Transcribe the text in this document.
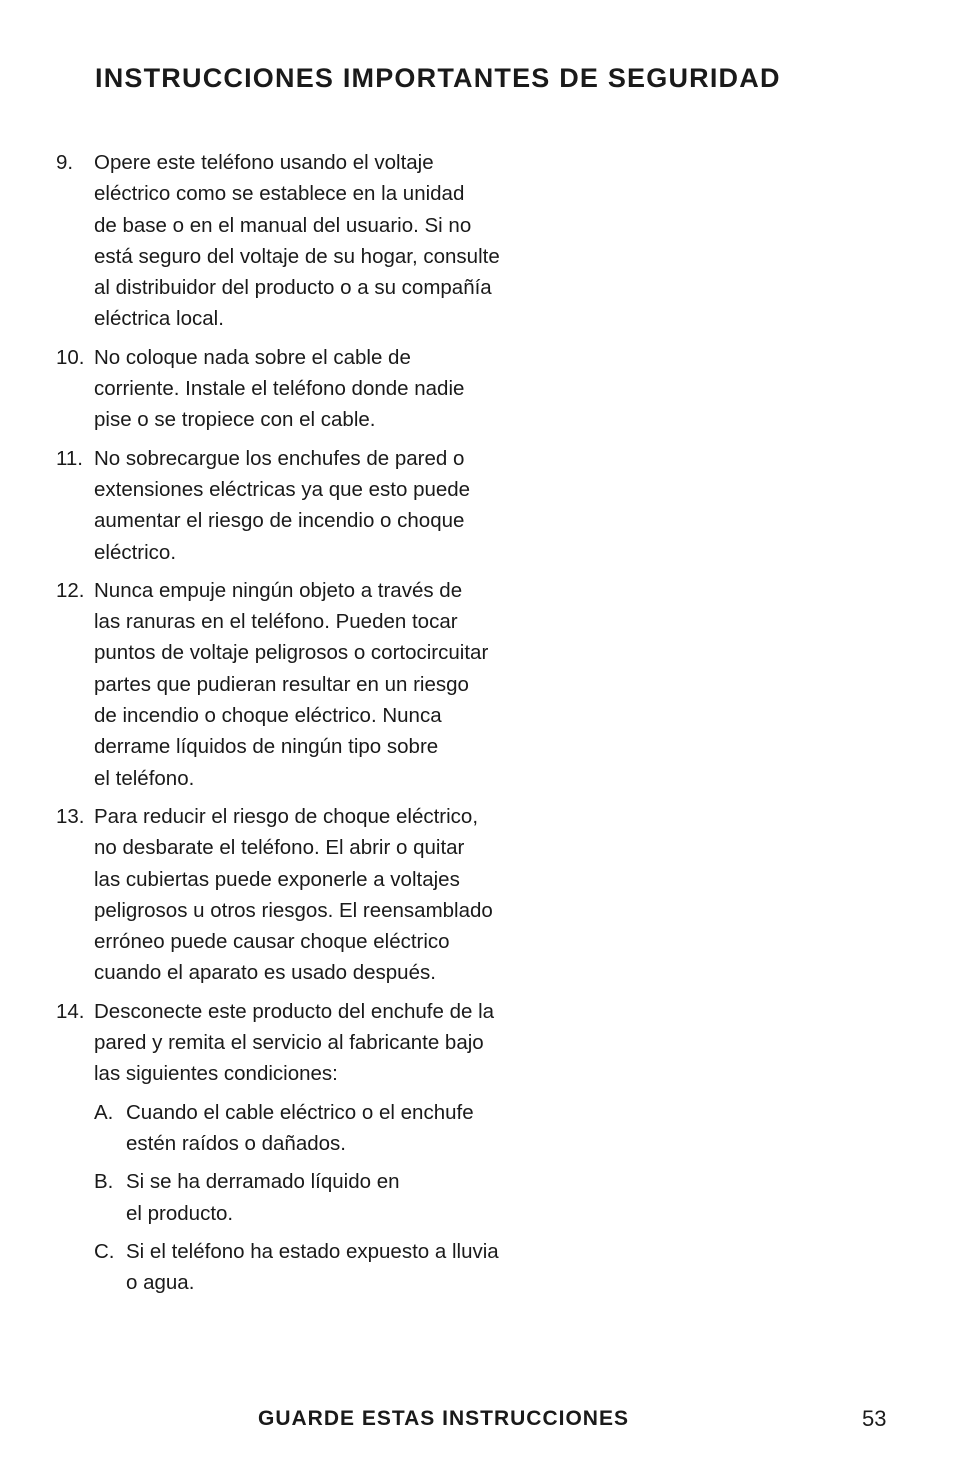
INSTRUCCIONES IMPORTANTES DE SEGURIDAD
9. Opere este teléfono usando el voltaje
eléctrico como se establece en la unidad
de base o en el manual del usuario. Si no
está seguro del voltaje de su hogar, consulte
al distribuidor del producto o a su compañía
eléctrica local.
10. No coloque nada sobre el cable de
corriente. Instale el teléfono donde nadie
pise o se tropiece con el cable.
11. No sobrecargue los enchufes de pared o
extensiones eléctricas ya que esto puede
aumentar el riesgo de incendio o choque
eléctrico.
12. Nunca empuje ningún objeto a través de
las ranuras en el teléfono. Pueden tocar
puntos de voltaje peligrosos o cortocircuitar
partes que pudieran resultar en un riesgo
de incendio o choque eléctrico. Nunca
derrame líquidos de ningún tipo sobre
el teléfono.
13. Para reducir el riesgo de choque eléctrico,
no desbarate el teléfono. El abrir o quitar
las cubiertas puede exponerle a voltajes
peligrosos u otros riesgos. El reensamblado
erróneo puede causar choque eléctrico
cuando el aparato es usado después.
14. Desconecte este producto del enchufe de la
pared y remita el servicio al fabricante bajo
las siguientes condiciones:
A. Cuando el cable eléctrico o el enchufe
estén raídos o dañados.
B. Si se ha derramado líquido en
el producto.
C. Si el teléfono ha estado expuesto a lluvia
o agua.
GUARDE ESTAS INSTRUCCIONES	53
